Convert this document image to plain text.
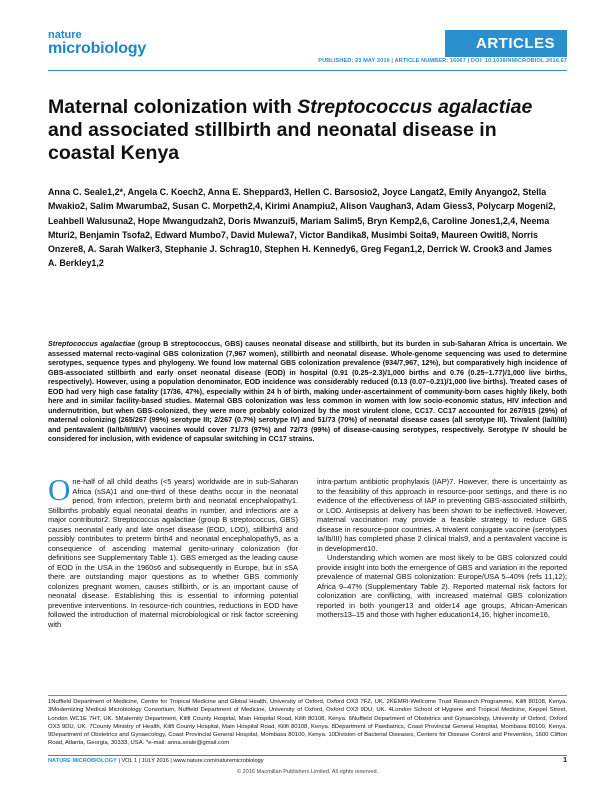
nature
microbiology	ARTICLES
PUBLISHED: 23 MAY 2016 | ARTICLE NUMBER: 16067 | DOI: 10.1038/NMICROBIOL.2016.67
Maternal colonization with Streptococcus agalactiae and associated stillbirth and neonatal disease in coastal Kenya
Anna C. Seale1,2*, Angela C. Koech2, Anna E. Sheppard3, Hellen C. Barsosio2, Joyce Langat2, Emily Anyango2, Stella Mwakio2, Salim Mwarumba2, Susan C. Morpeth2,4, Kirimi Anampiu2, Alison Vaughan3, Adam Giess3, Polycarp Mogeni2, Leahbell Walusuna2, Hope Mwangudzah2, Doris Mwanzui5, Mariam Salim5, Bryn Kemp2,6, Caroline Jones1,2,4, Neema Mturi2, Benjamin Tsofa2, Edward Mumbo7, David Mulewa7, Victor Bandika8, Musimbi Soita9, Maureen Owiti8, Norris Onzere8, A. Sarah Walker3, Stephanie J. Schrag10, Stephen H. Kennedy6, Greg Fegan1,2, Derrick W. Crook3 and James A. Berkley1,2
Streptococcus agalactiae (group B streptococcus, GBS) causes neonatal disease and stillbirth, but its burden in sub-Saharan Africa is uncertain. We assessed maternal recto-vaginal GBS colonization (7,967 women), stillbirth and neonatal disease. Whole-genome sequencing was used to determine serotypes, sequence types and phylogeny. We found low maternal GBS colonization prevalence (934/7,967, 12%), but comparatively high incidence of GBS-associated stillbirth and early onset neonatal disease (EOD) in hospital (0.91 (0.25–2.3)/1,000 births and 0.76 (0.25–1.77)/1,000 live births, respectively). However, using a population denominator, EOD incidence was considerably reduced (0.13 (0.07–0.21)/1,000 live births). Treated cases of EOD had very high case fatality (17/36, 47%), especially within 24 h of birth, making under-ascertainment of community-born cases highly likely, both here and in similar facility-based studies. Maternal GBS colonization was less common in women with low socio-economic status, HIV infection and undernutrition, but when GBS-colonized, they were more probably colonized by the most virulent clone, CC17. CC17 accounted for 267/915 (29%) of maternal colonizing (265/267 (99%) serotype III; 2/267 (0.7%) serotype IV) and 51/73 (70%) of neonatal disease cases (all serotype III). Trivalent (Ia/II/III) and pentavalent (Ia/Ib/II/III/V) vaccines would cover 71/73 (97%) and 72/73 (99%) of disease-causing serotypes, respectively. Serotype IV should be considered for inclusion, with evidence of capsular switching in CC17 strains.

One-half of all child deaths (<5 years) worldwide are in sub-Saharan Africa (sSA)1 and one-third of these deaths occur in the neonatal period, from infection, preterm birth and neonatal encephalopathy1. Stillbirths probably equal neonatal deaths in number, and infections are a major contributor2. Streptococcus agalactiae (group B streptococcus, GBS) causes neonatal early and late onset disease (EOD, LOD), stillbirth3 and possibly contributes to preterm birth4 and neonatal encephalopathy5, as a consequence of ascending maternal genito-urinary colonization (for definitions see Supplementary Table 1). GBS emerged as the leading cause of EOD in the USA in the 1960s6 and subsequently in Europe, but in sSA there are outstanding major questions as to whether GBS commonly colonizes pregnant women, causes stillbirth, or is an important cause of neonatal disease. Establishing this is essential to informing potential preventive interventions. In resource-rich countries, reductions in EOD have followed the introduction of maternal microbiological or risk factor screening with

intra-partum antibiotic prophylaxis (IAP)7. However, there is uncertainty as to the feasibility of this approach in resource-poor settings, and there is no evidence of the effectiveness of IAP in preventing GBS-associated stillbirth, or LOD. Antisepsis at delivery has been shown to be ineffective8. However, maternal vaccination may provide a feasible strategy to reduce GBS disease in resource-poor countries. A trivalent conjugate vaccine (serotypes Ia/Ib/III) has completed phase 2 clinical trials9, and a pentavalent vaccine is in development10.

Understanding which women are most likely to be GBS colonized could provide insight into both the emergence of GBS and variation in the reported prevalence of maternal GBS colonization: Europe/USA 5–40% (refs 11,12); Africa 9–47% (Supplementary Table 2). Reported maternal risk factors for colonization are conflicting, with increased maternal GBS colonization reported in both younger13 and older14 age groups, African-American mothers13–15 and those with higher education14,16, higher income16,

1Nuffield Department of Medicine, Centre for Tropical Medicine and Global Health, University of Oxford, Oxford OX3 7FZ, UK. 2KEMRI-Wellcome Trust Research Programme, Kilifi 80108, Kenya. 3Modernizing Medical Microbiology Consortium, Nuffield Department of Medicine, University of Oxford, Oxford OX3 9DU, UK. 4London School of Hygiene and Tropical Medicine, Keppel Street, London WC1E 7HT, UK. 5Maternity Department, Kilifi County Hospital, Main Hospital Road, Kilifi 80108, Kenya. 6Nuffield Department of Obstetrics and Gynaecology, University of Oxford, Oxford OX3 9DU, UK. 7County Ministry of Health, Kilifi County Hospital, Main Hospital Road, Kilifi 80108, Kenya. 8Department of Paediatrics, Coast Provincial General Hospital, Mombasa 80100, Kenya. 9Department of Obstetrics and Gynaecology, Coast Provincial General Hospital, Mombasa 80100, Kenya. 10Division of Bacterial Diseases, Centers for Disease Control and Prevention, 1600 Clifton Road, Atlanta, Georgia, 30333, USA. *e-mail: anna.seale@gmail.com
NATURE MICROBIOLOGY | VOL 1 | JULY 2016 | www.nature.com/naturemicrobiology	1
© 2016 Macmillan Publishers Limited. All rights reserved.
